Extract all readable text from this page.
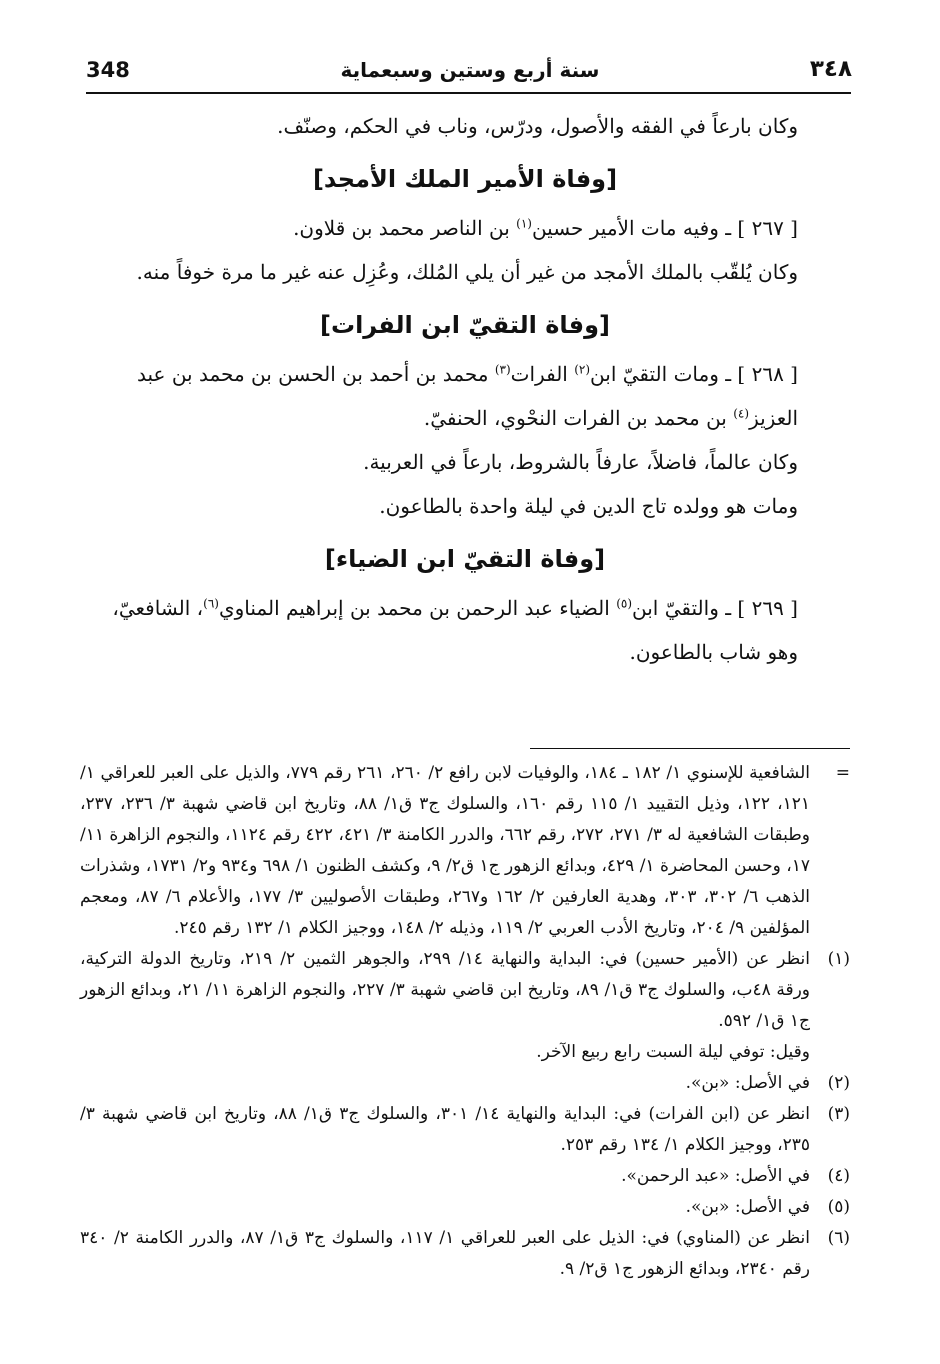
348	سنة أربع وستين وسبعماية	٣٤٨

وكان بارعاً في الفقه والأصول، ودرّس، وناب في الحكم، وصنّف.

[وفاة الأمير الملك الأمجد]

[ ٢٦٧ ] ـ وفيه مات الأمير حسين$^{(١)}$ بن الناصر محمد بن قلاون.

وكان يُلقّب بالملك الأمجد من غير أن يلي المُلك، وعُزِل عنه غير ما مرة خوفاً منه.

[وفاة التقيّ ابن الفرات]

[ ٢٦٨ ] ـ ومات التقيّ ابن$^{(٢)}$ الفرات$^{(٣)}$ محمد بن أحمد بن الحسن بن محمد بن عبد العزيز$^{(٤)}$ بن محمد بن الفرات النحْوي، الحنفيّ.

وكان عالماً، فاضلاً، عارفاً بالشروط، بارعاً في العربية.

ومات هو وولده تاج الدين في ليلة واحدة بالطاعون.

[وفاة التقيّ ابن الضياء]

[ ٢٦٩ ] ـ والتقيّ ابن$^{(٥)}$ الضياء عبد الرحمن بن محمد بن إبراهيم المناوي$^{(٦)}$، الشافعيّ، وهو شاب بالطاعون.

=
الشافعية للإسنوي ١/ ١٨٢ ـ ١٨٤، والوفيات لابن رافع ٢/ ٢٦٠، ٢٦١ رقم ٧٧٩، والذيل على العبر للعراقي ١/ ١٢١، ١٢٢، وذيل التقييد ١/ ١١٥ رقم ١٦٠، والسلوك ج٣ ق١/ ٨٨، وتاريخ ابن قاضي شهبة ٣/ ٢٣٦، ٢٣٧، وطبقات الشافعية له ٣/ ٢٧١، ٢٧٢، رقم ٦٦٢، والدرر الكامنة ٣/ ٤٢١، ٤٢٢ رقم ١١٢٤، والنجوم الزاهرة ١١/ ١٧، وحسن المحاضرة ١/ ٤٢٩، وبدائع الزهور ج١ ق٢/ ٩، وكشف الظنون ١/ ٦٩٨ و٩٣٤ و٢/ ١٧٣١، وشذرات الذهب ٦/ ٣٠٢، ٣٠٣، وهدية العارفين ٢/ ١٦٢ و٢٦٧، وطبقات الأصوليين ٣/ ١٧٧، والأعلام ٦/ ٨٧، ومعجم المؤلفين ٩/ ٢٠٤، وتاريخ الأدب العربي ٢/ ١١٩، وذيله ٢/ ١٤٨، ووجيز الكلام ١/ ١٣٢ رقم ٢٤٥.
(١)
انظر عن (الأمير حسين) في: البداية والنهاية ١٤/ ٢٩٩، والجوهر الثمين ٢/ ٢١٩، وتاريخ الدولة التركية، ورقة ٤٨ب، والسلوك ج٣ ق١/ ٨٩، وتاريخ ابن قاضي شهبة ٣/ ٢٢٧، والنجوم الزاهرة ١١/ ٢١، وبدائع الزهور ج١ ق١/ ٥٩٢.
وقيل: توفي ليلة السبت رابع ربيع الآخر.
(٢)
في الأصل: «بن».
(٣)
انظر عن (ابن الفرات) في: البداية والنهاية ١٤/ ٣٠١، والسلوك ج٣ ق١/ ٨٨، وتاريخ ابن قاضي شهبة ٣/ ٢٣٥، ووجيز الكلام ١/ ١٣٤ رقم ٢٥٣.
(٤)
في الأصل: «عبد الرحمن».
(٥)
في الأصل: «بن».
(٦)
انظر عن (المناوي) في: الذيل على العبر للعراقي ١/ ١١٧، والسلوك ج٣ ق١/ ٨٧، والدرر الكامنة ٢/ ٣٤٠ رقم ٢٣٤٠، وبدائع الزهور ج١ ق٢/ ٩.
